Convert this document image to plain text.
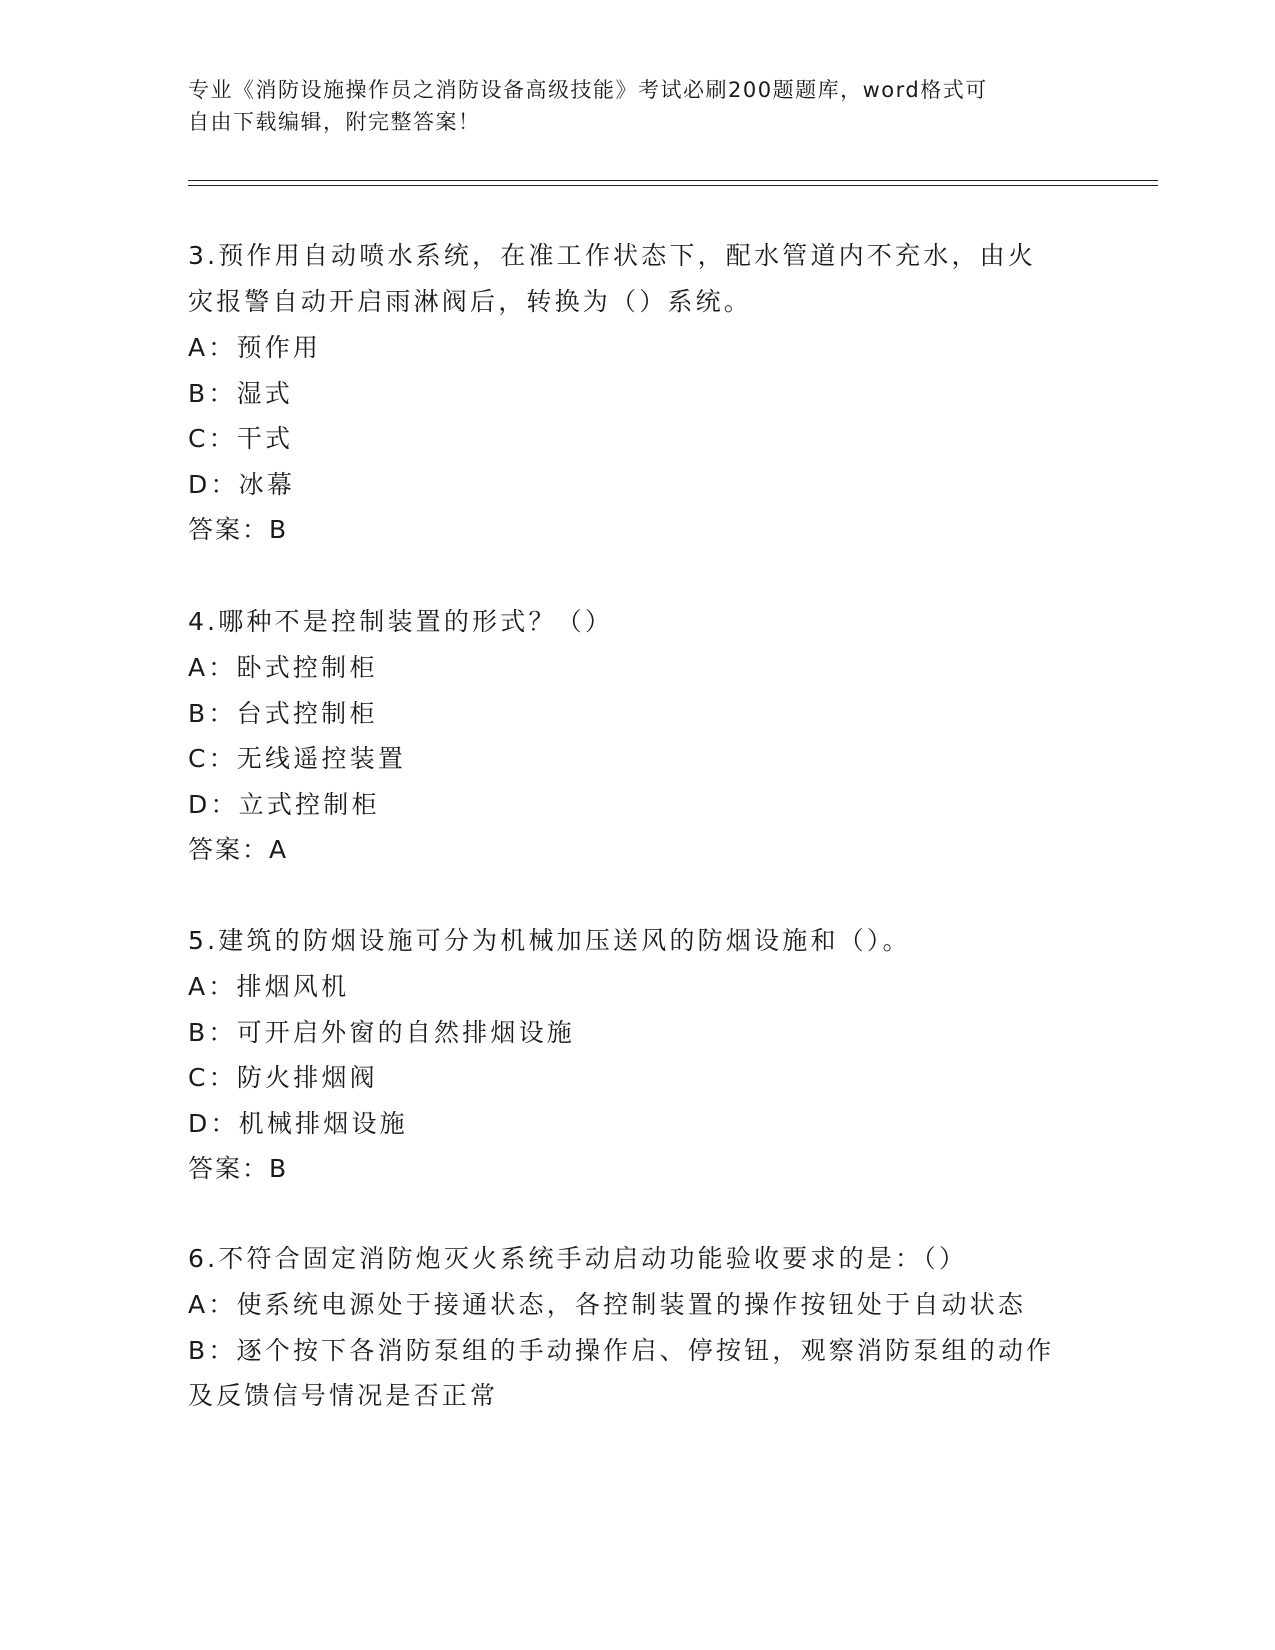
专业《消防设施操作员之消防设备高级技能》考试必刷200题题库，word格式可
自由下载编辑，附完整答案！

3.预作用自动喷水系统，在准工作状态下，配水管道内不充水，由火
灾报警自动开启雨淋阀后，转换为（）系统。

A：预作用

B：湿式

C：干式

D：冰幕

答案：B

4.哪种不是控制装置的形式？（）

A：卧式控制柜

B：台式控制柜

C：无线遥控装置

D：立式控制柜

答案：A

5.建筑的防烟设施可分为机械加压送风的防烟设施和（）。

A：排烟风机

B：可开启外窗的自然排烟设施

C：防火排烟阀

D：机械排烟设施

答案：B

6.不符合固定消防炮灭火系统手动启动功能验收要求的是：（）

A：使系统电源处于接通状态，各控制装置的操作按钮处于自动状态

B：逐个按下各消防泵组的手动操作启、停按钮，观察消防泵组的动作
及反馈信号情况是否正常
